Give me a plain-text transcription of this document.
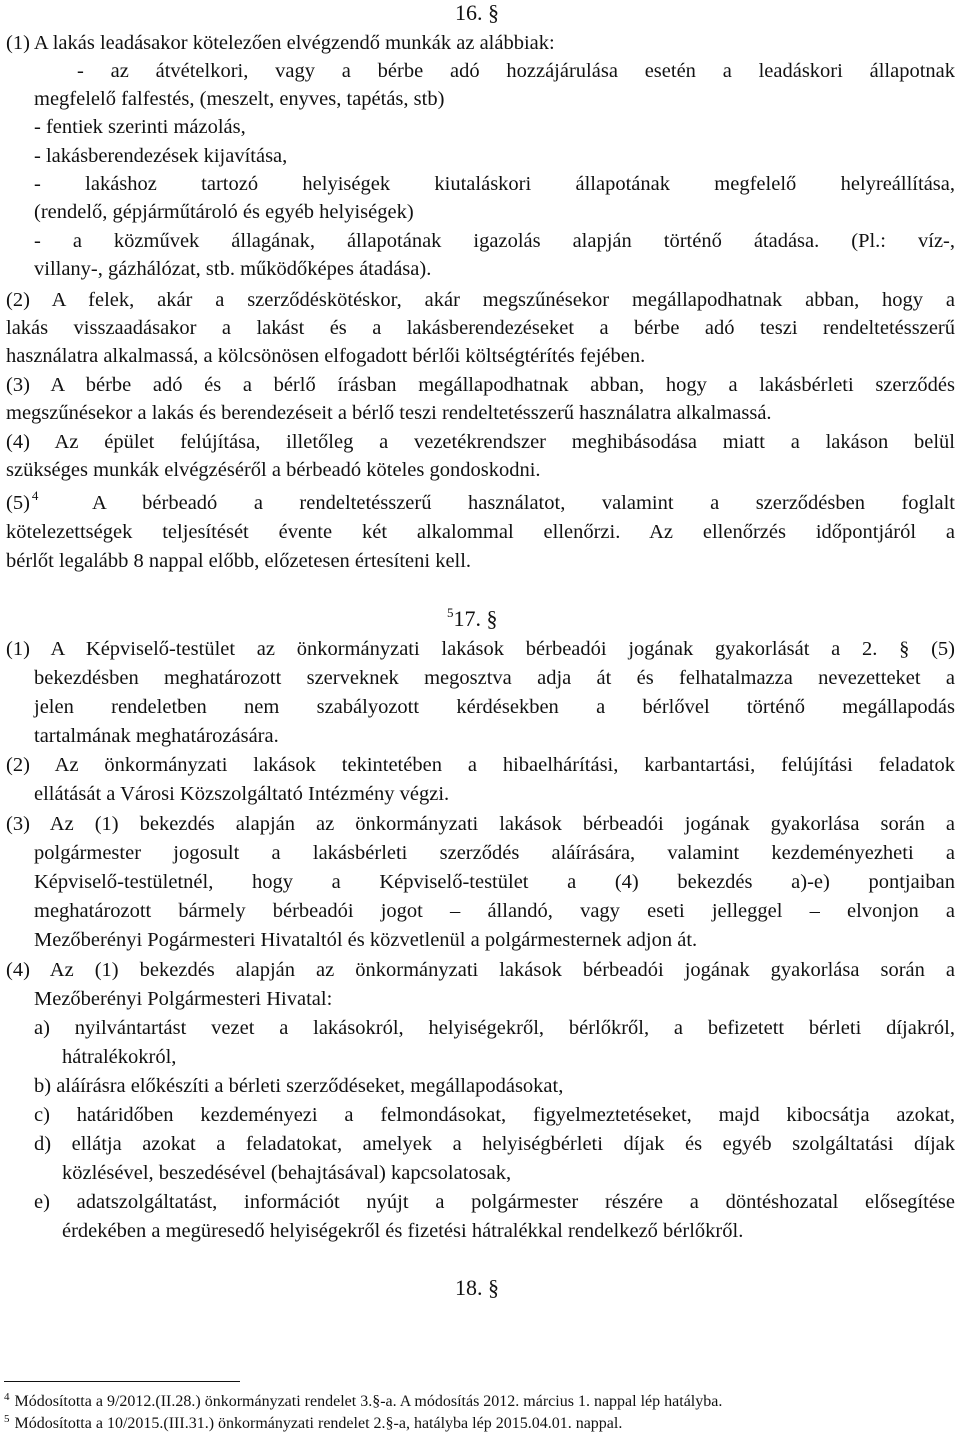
16. §
(1) A lakás leadásakor kötelezően elvégzendő munkák az alábbiak:
- az átvételkori, vagy a bérbe adó hozzájárulása esetén a leadáskori állapotnak
megfelelő falfestés, (meszelt, enyves, tapétás, stb)
- fentiek szerinti mázolás,
- lakásberendezések kijavítása,
- lakáshoz tartozó helyiségek kiutaláskori állapotának megfelelő helyreállítása,
(rendelő, gépjárműtároló és egyéb helyiségek)
- a közművek állagának, állapotának igazolás alapján történő átadása. (Pl.: víz-,
villany-, gázhálózat, stb. működőképes átadása).
(2) A felek, akár a szerződéskötéskor, akár megszűnésekor megállapodhatnak abban, hogy a
lakás visszaadásakor a lakást és a lakásberendezéseket a bérbe adó teszi rendeltetésszerű
használatra alkalmassá, a kölcsönösen elfogadott bérlői költségtérítés fejében.
(3) A bérbe adó és a bérlő írásban megállapodhatnak abban, hogy a lakásbérleti szerződés
megszűnésekor a lakás és berendezéseit a bérlő teszi rendeltetésszerű használatra alkalmassá.
(4) Az épület felújítása, illetőleg a vezetékrendszer meghibásodása miatt a lakáson belül
szükséges munkák elvégzéséről a bérbeadó köteles gondoskodni.
(5) $^4$	A bérbeadó a rendeltetésszerű használatot, valamint a szerződésben foglalt
kötelezettségek teljesítését évente két alkalommal ellenőrzi. Az ellenőrzés időpontjáról a
bérlőt legalább 8 nappal előbb, előzetesen értesíteni kell.
$^5$17. §
(1) A Képviselő-testület az önkormányzati lakások bérbeadói jogának gyakorlását a 2. § (5)
bekezdésben meghatározott szerveknek megosztva adja át és felhatalmazza nevezetteket a
jelen rendeletben nem szabályozott kérdésekben a bérlővel történő megállapodás
tartalmának meghatározására.
(2) Az önkormányzati lakások tekintetében a hibaelhárítási, karbantartási, felújítási feladatok
ellátását a Városi Közszolgáltató Intézmény végzi.
(3) Az (1) bekezdés alapján az önkormányzati lakások bérbeadói jogának gyakorlása során a
polgármester jogosult a lakásbérleti szerződés aláírására, valamint kezdeményezheti a
Képviselő-testületnél, hogy a Képviselő-testület a (4) bekezdés a)-e) pontjaiban
meghatározott bármely bérbeadói jogot – állandó, vagy eseti jelleggel – elvonjon a
Mezőberényi Pogármesteri Hivataltól és közvetlenül a polgármesternek adjon át.
(4) Az (1) bekezdés alapján az önkormányzati lakások bérbeadói jogának gyakorlása során a
Mezőberényi Polgármesteri Hivatal:
a) nyilvántartást vezet a lakásokról, helyiségekről, bérlőkről, a befizetett bérleti díjakról,
hátralékokról,
b) aláírásra előkészíti a bérleti szerződéseket, megállapodásokat,
c) határidőben kezdeményezi a felmondásokat, figyelmeztetéseket, majd kibocsátja azokat,
d) ellátja azokat a feladatokat, amelyek a helyiségbérleti díjak és egyéb szolgáltatási díjak
közlésével, beszedésével (behajtásával) kapcsolatosak,
e) adatszolgáltatást, információt nyújt a polgármester részére a döntéshozatal elősegítése
érdekében a megüresedő helyiségekről és fizetési hátralékkal rendelkező bérlőkről.
18. §
$^4$ Módosította a 9/2012.(II.28.) önkormányzati rendelet 3.§-a. A módosítás 2012. március 1. nappal lép hatályba.
$^5$ Módosította a 10/2015.(III.31.) önkormányzati rendelet 2.§-a, hatályba lép 2015.04.01. nappal.
